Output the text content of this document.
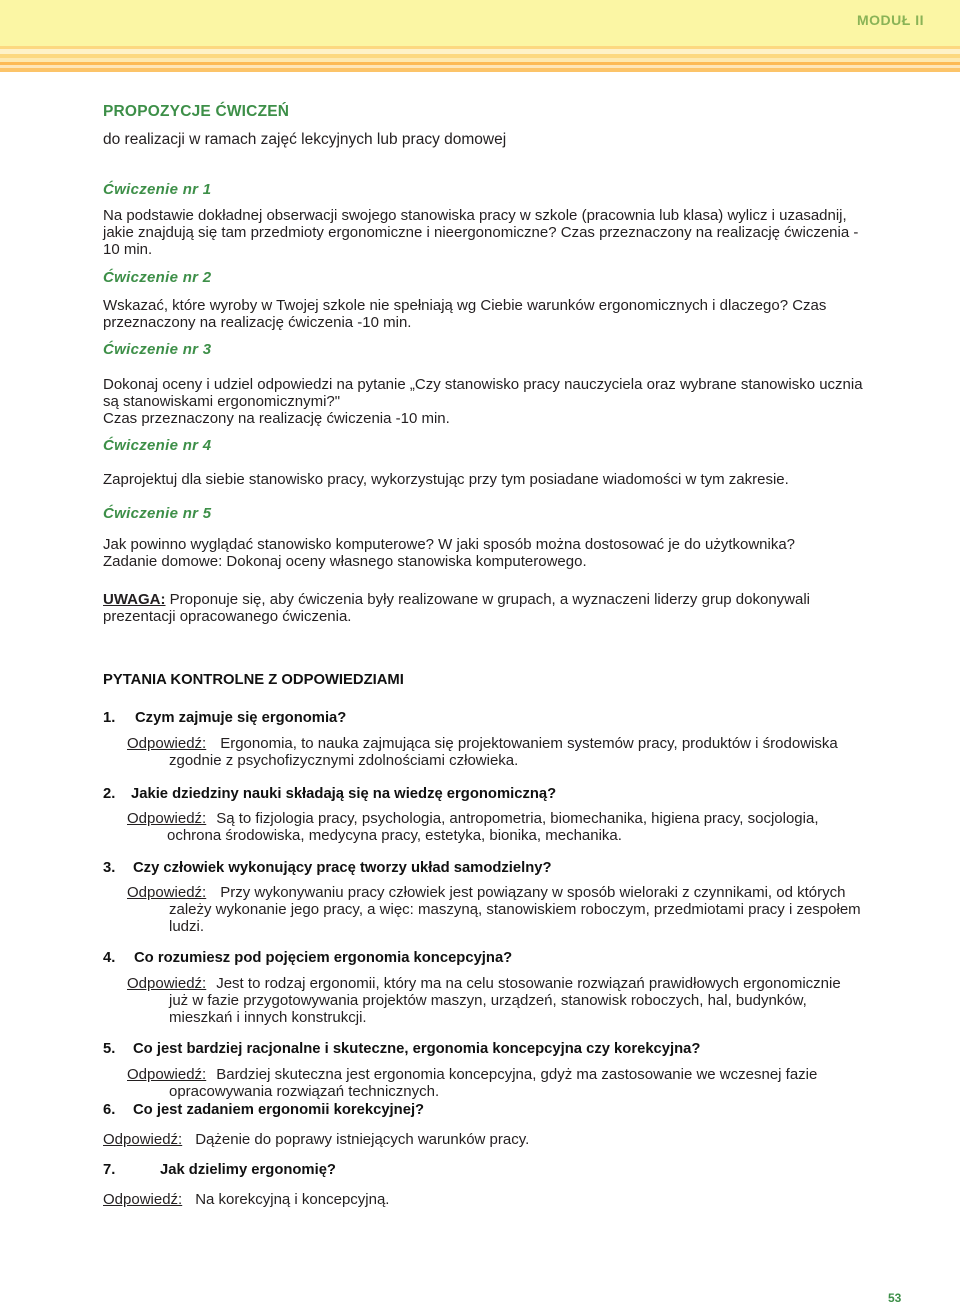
MODUŁ II
PROPOZYCJE ĆWICZEŃ
do realizacji w ramach zajęć lekcyjnych lub pracy domowej
Ćwiczenie nr 1
Na podstawie dokładnej obserwacji swojego stanowiska pracy w szkole (pracownia lub klasa) wylicz i uzasadnij,
jakie znajdują się tam przedmioty ergonomiczne i nieergonomiczne? Czas przeznaczony na realizację ćwiczenia -
10 min.
Ćwiczenie nr 2
Wskazać, które wyroby w Twojej szkole nie spełniają wg Ciebie warunków ergonomicznych i dlaczego? Czas
przeznaczony na realizację ćwiczenia -10 min.
Ćwiczenie nr 3
Dokonaj oceny i udziel odpowiedzi na pytanie „Czy stanowisko pracy nauczyciela oraz wybrane stanowisko ucznia
są stanowiskami ergonomicznymi?"
Czas przeznaczony na realizację ćwiczenia -10 min.
Ćwiczenie nr 4
Zaprojektuj dla siebie stanowisko pracy, wykorzystując przy tym posiadane wiadomości w tym zakresie.
Ćwiczenie nr 5
Jak powinno wyglądać stanowisko komputerowe? W jaki sposób można dostosować je do użytkownika?
Zadanie domowe: Dokonaj oceny własnego stanowiska komputerowego.
UWAGA: Proponuje się, aby ćwiczenia były realizowane w grupach, a wyznaczeni liderzy grup dokonywali
prezentacji opracowanego ćwiczenia.
PYTANIA KONTROLNE Z ODPOWIEDZIAMI
1. Czym zajmuje się ergonomia?
Odpowiedź: Ergonomia, to nauka zajmująca się projektowaniem systemów pracy, produktów i środowiska
zgodnie z psychofizycznymi zdolnościami człowieka.
2. Jakie dziedziny nauki składają się na wiedzę ergonomiczną?
Odpowiedź: Są to fizjologia pracy, psychologia, antropometria, biomechanika, higiena pracy, socjologia,
ochrona środowiska, medycyna pracy, estetyka, bionika, mechanika.
3. Czy człowiek wykonujący pracę tworzy układ samodzielny?
Odpowiedź: Przy wykonywaniu pracy człowiek jest powiązany w sposób wieloraki z czynnikami, od których
zależy wykonanie jego pracy, a więc: maszyną, stanowiskiem roboczym, przedmiotami pracy i zespołem
ludzi.
4. Co rozumiesz pod pojęciem ergonomia koncepcyjna?
Odpowiedź: Jest to rodzaj ergonomii, który ma na celu stosowanie rozwiązań prawidłowych ergonomicznie
już w fazie przygotowywania projektów maszyn, urządzeń, stanowisk roboczych, hal, budynków,
mieszkań i innych konstrukcji.
5. Co jest bardziej racjonalne i skuteczne, ergonomia koncepcyjna czy korekcyjna?
Odpowiedź: Bardziej skuteczna jest ergonomia koncepcyjna, gdyż ma zastosowanie we wczesnej fazie
opracowywania rozwiązań technicznych.
6. Co jest zadaniem ergonomii korekcyjnej?
Odpowiedź: Dążenie do poprawy istniejących warunków pracy.
7.	Jak dzielimy ergonomię?
Odpowiedź: Na korekcyjną i koncepcyjną.
53
